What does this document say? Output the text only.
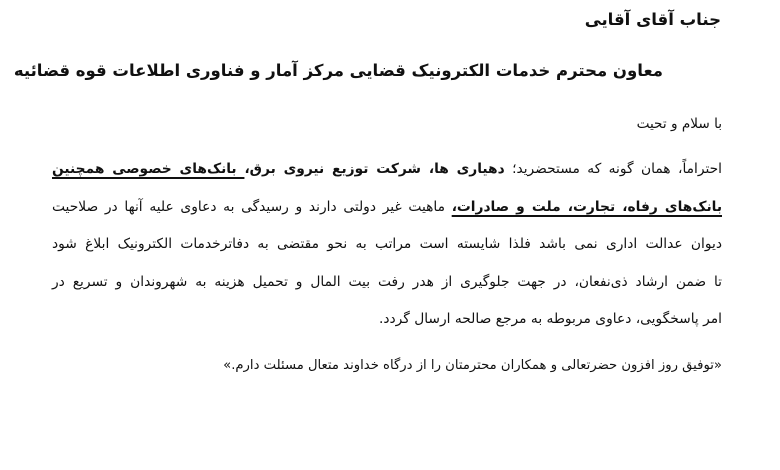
جناب آقای آقایی
معاون محترم خدمات الکترونیک قضایی مرکز آمار و فناوری اطلاعات قوه قضائیه
با سلام و تحیت
احتراماً، همان گونه که مستحضرید؛ دهیاری ها، شرکت توزیع نیروی برق، بانک‌های خصوصی همچنین
بانک‌های رفاه، تجارت، ملت و صادرات، ماهیت غیر دولتی دارند و رسیدگی به دعاوی علیه آنها در صلاحیت
دیوان عدالت اداری نمی باشد فلذا شایسته است مراتب به نحو مقتضی به دفاترخدمات الکترونیک ابلاغ شود
تا ضمن ارشاد ذی‌نفعان، در جهت جلوگیری از هدر رفت بیت المال و تحمیل هزینه به شهروندان و تسریع در
امر پاسخگویی، دعاوی مربوطه به مرجع صالحه ارسال گردد.
«توفیق روز افزون حضرتعالی و همکاران محترمتان را از درگاه خداوند متعال مسئلت دارم.»
